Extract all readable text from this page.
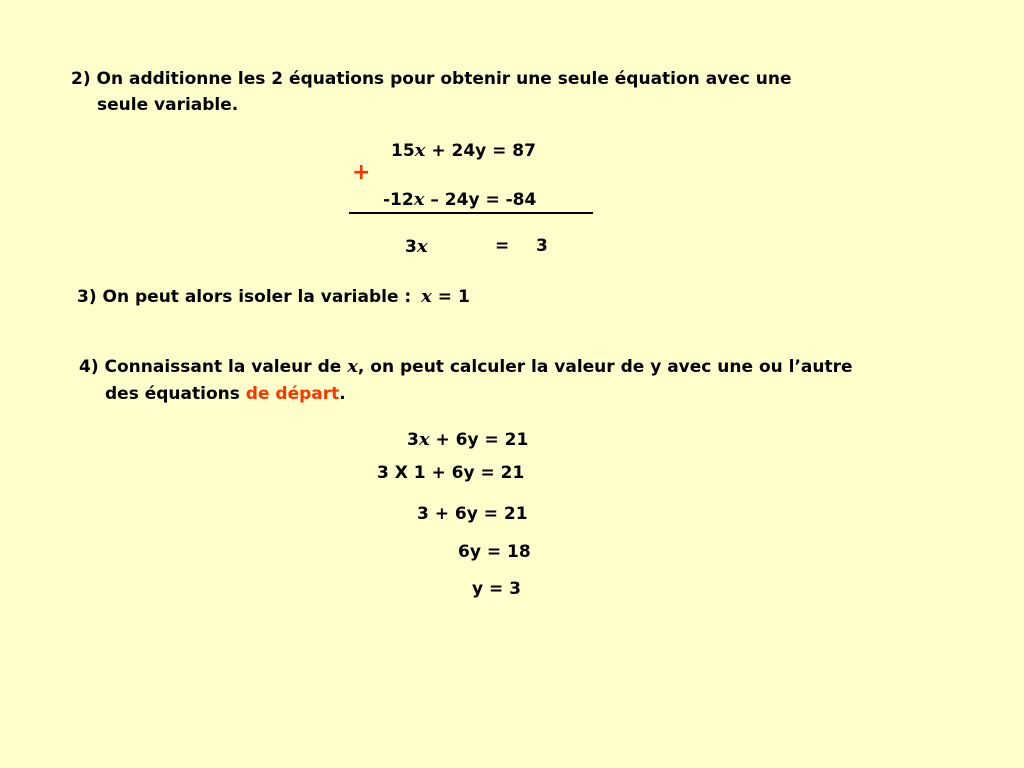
2) On additionne les 2 équations pour obtenir une seule équation avec une
seule variable.
15x + 24y = 87
+
-12x – 24y = -84
3x	= 3
3) On peut alors isoler la variable : x = 1
4) Connaissant la valeur de x, on peut calculer la valeur de y avec une ou l’autre
des équations de départ.
3x + 6y = 21
3 X 1 + 6y = 21
3 + 6y = 21
6y = 18
y = 3
